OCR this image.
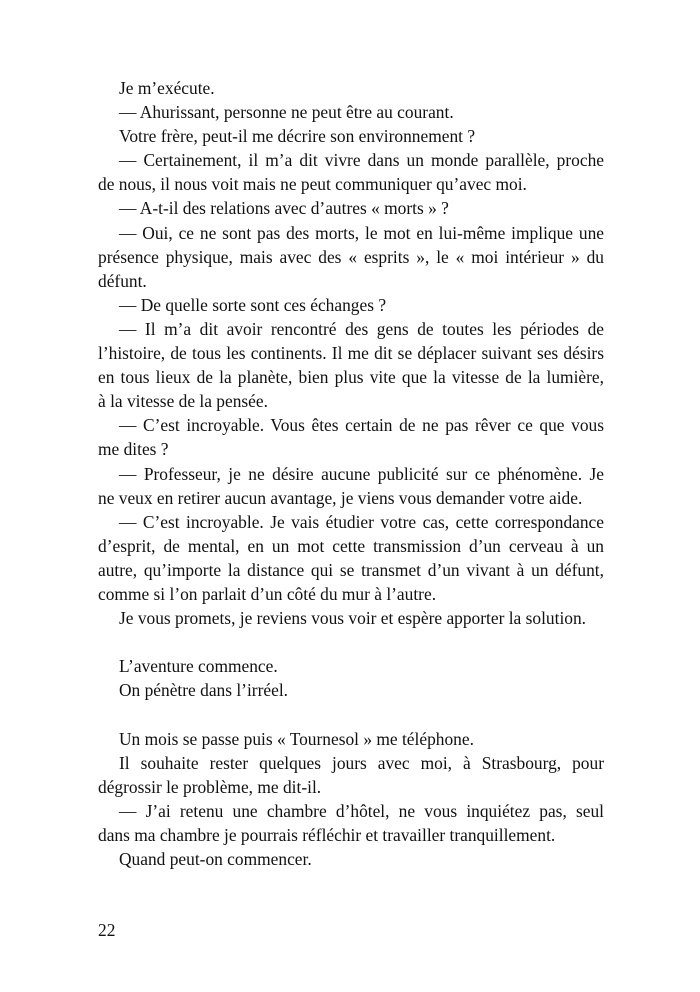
Je m’exécute.
— Ahurissant, personne ne peut être au courant.
Votre frère, peut-il me décrire son environnement ?
— Certainement, il m’a dit vivre dans un monde parallèle, proche
de nous, il nous voit mais ne peut communiquer qu’avec moi.
— A-t-il des relations avec d’autres « morts » ?
— Oui, ce ne sont pas des morts, le mot en lui-même implique une
présence physique, mais avec des « esprits », le « moi intérieur » du
défunt.
— De quelle sorte sont ces échanges ?
— Il m’a dit avoir rencontré des gens de toutes les périodes de
l’histoire, de tous les continents. Il me dit se déplacer suivant ses désirs
en tous lieux de la planète, bien plus vite que la vitesse de la lumière,
à la vitesse de la pensée.
— C’est incroyable. Vous êtes certain de ne pas rêver ce que vous
me dites ?
— Professeur, je ne désire aucune publicité sur ce phénomène. Je
ne veux en retirer aucun avantage, je viens vous demander votre aide.
— C’est incroyable. Je vais étudier votre cas, cette correspondance
d’esprit, de mental, en un mot cette transmission d’un cerveau à un
autre, qu’importe la distance qui se transmet d’un vivant à un défunt,
comme si l’on parlait d’un côté du mur à l’autre.
Je vous promets, je reviens vous voir et espère apporter la solution.
L’aventure commence.
On pénètre dans l’irréel.
Un mois se passe puis « Tournesol » me téléphone.
Il souhaite rester quelques jours avec moi, à Strasbourg, pour
dégrossir le problème, me dit-il.
— J’ai retenu une chambre d’hôtel, ne vous inquiétez pas, seul
dans ma chambre je pourrais réfléchir et travailler tranquillement.
Quand peut-on commencer.
22
